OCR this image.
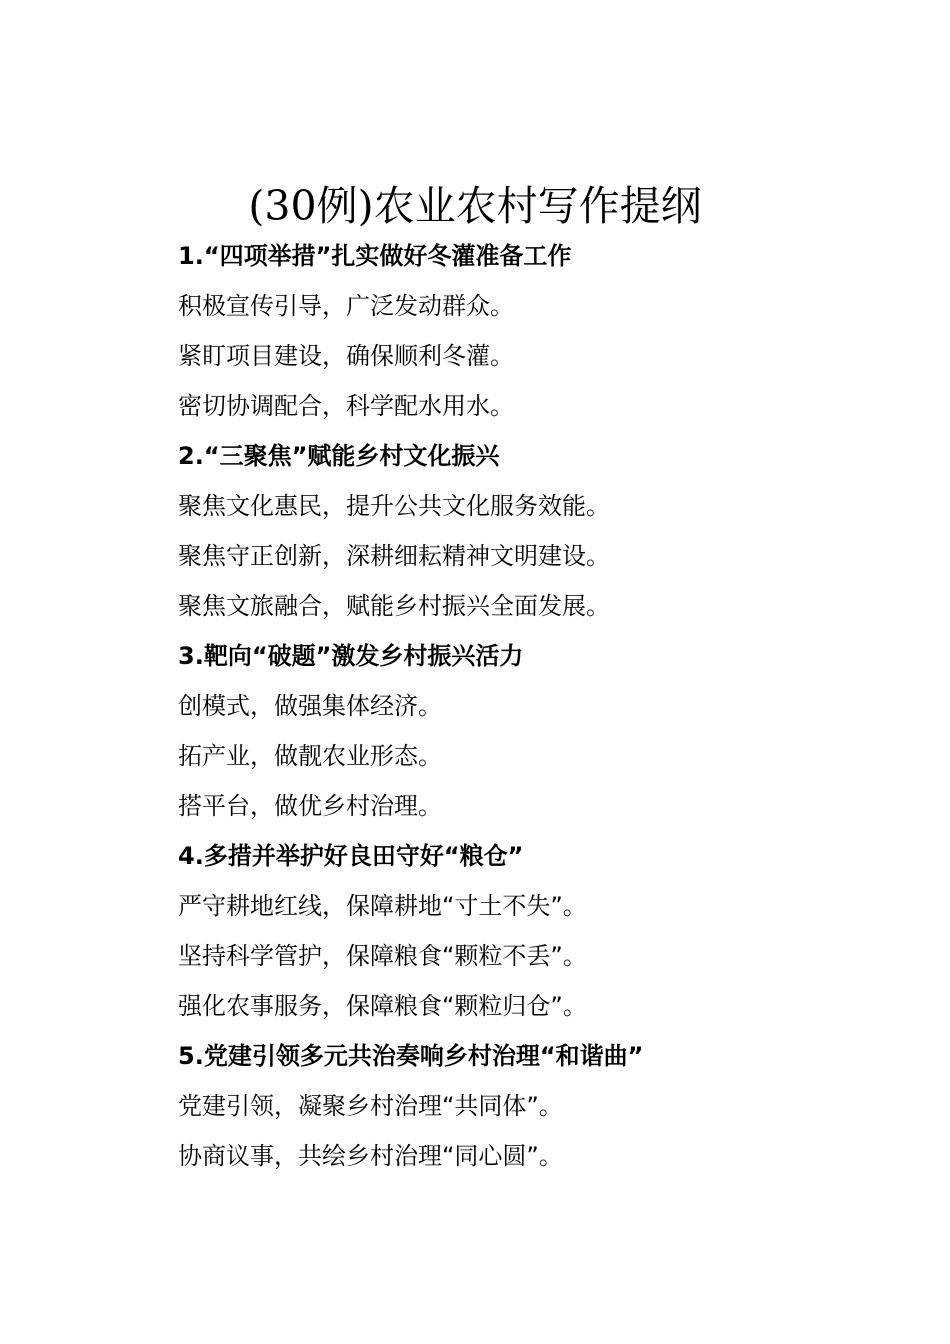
(30例)农业农村写作提纲
1.“四项举措”扎实做好冬灌准备工作
积极宣传引导，广泛发动群众。
紧盯项目建设，确保顺利冬灌。
密切协调配合，科学配水用水。
2.“三聚焦”赋能乡村文化振兴
聚焦文化惠民，提升公共文化服务效能。
聚焦守正创新，深耕细耘精神文明建设。
聚焦文旅融合，赋能乡村振兴全面发展。
3.靶向“破题”激发乡村振兴活力
创模式，做强集体经济。
拓产业，做靓农业形态。
搭平台，做优乡村治理。
4.多措并举护好良田守好“粮仓”
严守耕地红线，保障耕地“寸土不失”。
坚持科学管护，保障粮食“颗粒不丢”。
强化农事服务，保障粮食“颗粒归仓”。
5.党建引领多元共治奏响乡村治理“和谐曲”
党建引领，凝聚乡村治理“共同体”。
协商议事，共绘乡村治理“同心圆”。
